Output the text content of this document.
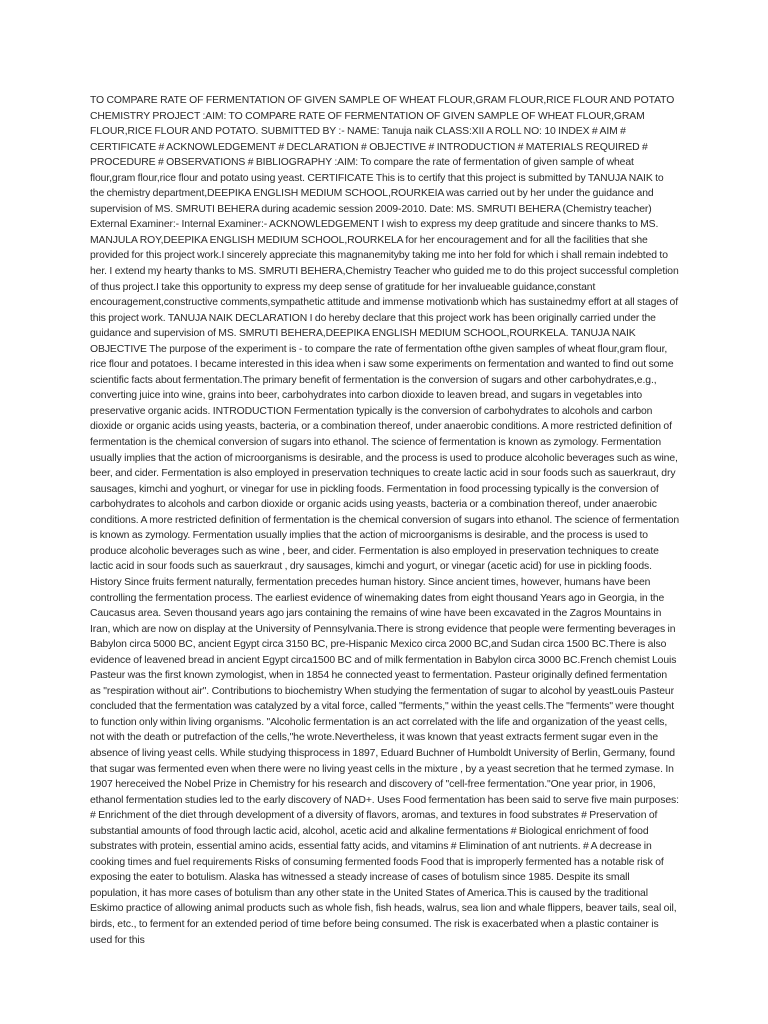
TO COMPARE RATE OF FERMENTATION OF GIVEN SAMPLE OF WHEAT FLOUR,GRAM FLOUR,RICE FLOUR AND POTATO CHEMISTRY PROJECT :AIM: TO COMPARE RATE OF FERMENTATION OF GIVEN SAMPLE OF WHEAT FLOUR,GRAM FLOUR,RICE FLOUR AND POTATO. SUBMITTED BY :- NAME: Tanuja naik CLASS:XII A ROLL NO: 10 INDEX # AIM # CERTIFICATE # ACKNOWLEDGEMENT # DECLARATION # OBJECTIVE # INTRODUCTION # MATERIALS REQUIRED # PROCEDURE # OBSERVATIONS # BIBLIOGRAPHY :AIM: To compare the rate of fermentation of given sample of wheat flour,gram flour,rice flour and potato using yeast. CERTIFICATE This is to certify that this project is submitted by TANUJA NAIK to the chemistry department,DEEPIKA ENGLISH MEDIUM SCHOOL,ROURKEIA was carried out by her under the guidance and supervision of MS. SMRUTI BEHERA during academic session 2009-2010. Date: MS. SMRUTI BEHERA (Chemistry teacher) External Examiner:- Internal Examiner:- ACKNOWLEDGEMENT I wish to express my deep gratitude and sincere thanks to MS. MANJULA ROY,DEEPIKA ENGLISH MEDIUM SCHOOL,ROURKELA for her encouragement and for all the facilities that she provided for this project work.I sincerely appreciate this magnanemityby taking me into her fold for which i shall remain indebted to her. I extend my hearty thanks to MS. SMRUTI BEHERA,Chemistry Teacher who guided me to do this project successful completion of thus project.I take this opportunity to express my deep sense of gratitude for her invalueable guidance,constant encouragement,constructive comments,sympathetic attitude and immense motivationb which has sustainedmy effort at all stages of this project work. TANUJA NAIK DECLARATION I do hereby declare that this project work has been originally carried under the guidance and supervision of MS. SMRUTI BEHERA,DEEPIKA ENGLISH MEDIUM SCHOOL,ROURKELA. TANUJA NAIK OBJECTIVE The purpose of the experiment is - to compare the rate of fermentation ofthe given samples of wheat flour,gram flour, rice flour and potatoes. I became interested in this idea when i saw some experiments on fermentation and wanted to find out some scientific facts about fermentation.The primary benefit of fermentation is the conversion of sugars and other carbohydrates,e.g., converting juice into wine, grains into beer, carbohydrates into carbon dioxide to leaven bread, and sugars in vegetables into preservative organic acids. INTRODUCTION Fermentation typically is the conversion of carbohydrates to alcohols and carbon dioxide or organic acids using yeasts, bacteria, or a combination thereof, under anaerobic conditions. A more restricted definition of fermentation is the chemical conversion of sugars into ethanol. The science of fermentation is known as zymology. Fermentation usually implies that the action of microorganisms is desirable, and the process is used to produce alcoholic beverages such as wine, beer, and cider. Fermentation is also employed in preservation techniques to create lactic acid in sour foods such as sauerkraut, dry sausages, kimchi and yoghurt, or vinegar for use in pickling foods. Fermentation in food processing typically is the conversion of carbohydrates to alcohols and carbon dioxide or organic acids using yeasts, bacteria or a combination thereof, under anaerobic conditions. A more restricted definition of fermentation is the chemical conversion of sugars into ethanol. The science of fermentation is known as zymology. Fermentation usually implies that the action of microorganisms is desirable, and the process is used to produce alcoholic beverages such as wine , beer, and cider. Fermentation is also employed in preservation techniques to create lactic acid in sour foods such as sauerkraut , dry sausages, kimchi and yogurt, or vinegar (acetic acid) for use in pickling foods. History Since fruits ferment naturally, fermentation precedes human history. Since ancient times, however, humans have been controlling the fermentation process. The earliest evidence of winemaking dates from eight thousand Years ago in Georgia, in the Caucasus area. Seven thousand years ago jars containing the remains of wine have been excavated in the Zagros Mountains in Iran, which are now on display at the University of Pennsylvania.There is strong evidence that people were fermenting beverages in Babylon circa 5000 BC, ancient Egypt circa 3150 BC, pre-Hispanic Mexico circa 2000 BC,and Sudan circa 1500 BC.There is also evidence of leavened bread in ancient Egypt circa1500 BC and of milk fermentation in Babylon circa 3000 BC.French chemist Louis Pasteur was the first known zymologist, when in 1854 he connected yeast to fermentation. Pasteur originally defined fermentation as "respiration without air". Contributions to biochemistry When studying the fermentation of sugar to alcohol by yeastLouis Pasteur concluded that the fermentation was catalyzed by a vital force, called "ferments," within the yeast cells.The "ferments" were thought to function only within living organisms. "Alcoholic fermentation is an act correlated with the life and organization of the yeast cells, not with the death or putrefaction of the cells,"he wrote.Nevertheless, it was known that yeast extracts ferment sugar even in the absence of living yeast cells. While studying thisprocess in 1897, Eduard Buchner of Humboldt University of Berlin, Germany, found that sugar was fermented even when there were no living yeast cells in the mixture , by a yeast secretion that he termed zymase. In 1907 hereceived the Nobel Prize in Chemistry for his research and discovery of "cell-free fermentation."One year prior, in 1906, ethanol fermentation studies led to the early discovery of NAD+. Uses Food fermentation has been said to serve five main purposes: # Enrichment of the diet through development of a diversity of flavors, aromas, and textures in food substrates # Preservation of substantial amounts of food through lactic acid, alcohol, acetic acid and alkaline fermentations # Biological enrichment of food substrates with protein, essential amino acids, essential fatty acids, and vitamins # Elimination of ant nutrients. # A decrease in cooking times and fuel requirements Risks of consuming fermented foods Food that is improperly fermented has a notable risk of exposing the eater to botulism. Alaska has witnessed a steady increase of cases of botulism since 1985. Despite its small population, it has more cases of botulism than any other state in the United States of America.This is caused by the traditional Eskimo practice of allowing animal products such as whole fish, fish heads, walrus, sea lion and whale flippers, beaver tails, seal oil, birds, etc., to ferment for an extended period of time before being consumed. The risk is exacerbated when a plastic container is used for this
